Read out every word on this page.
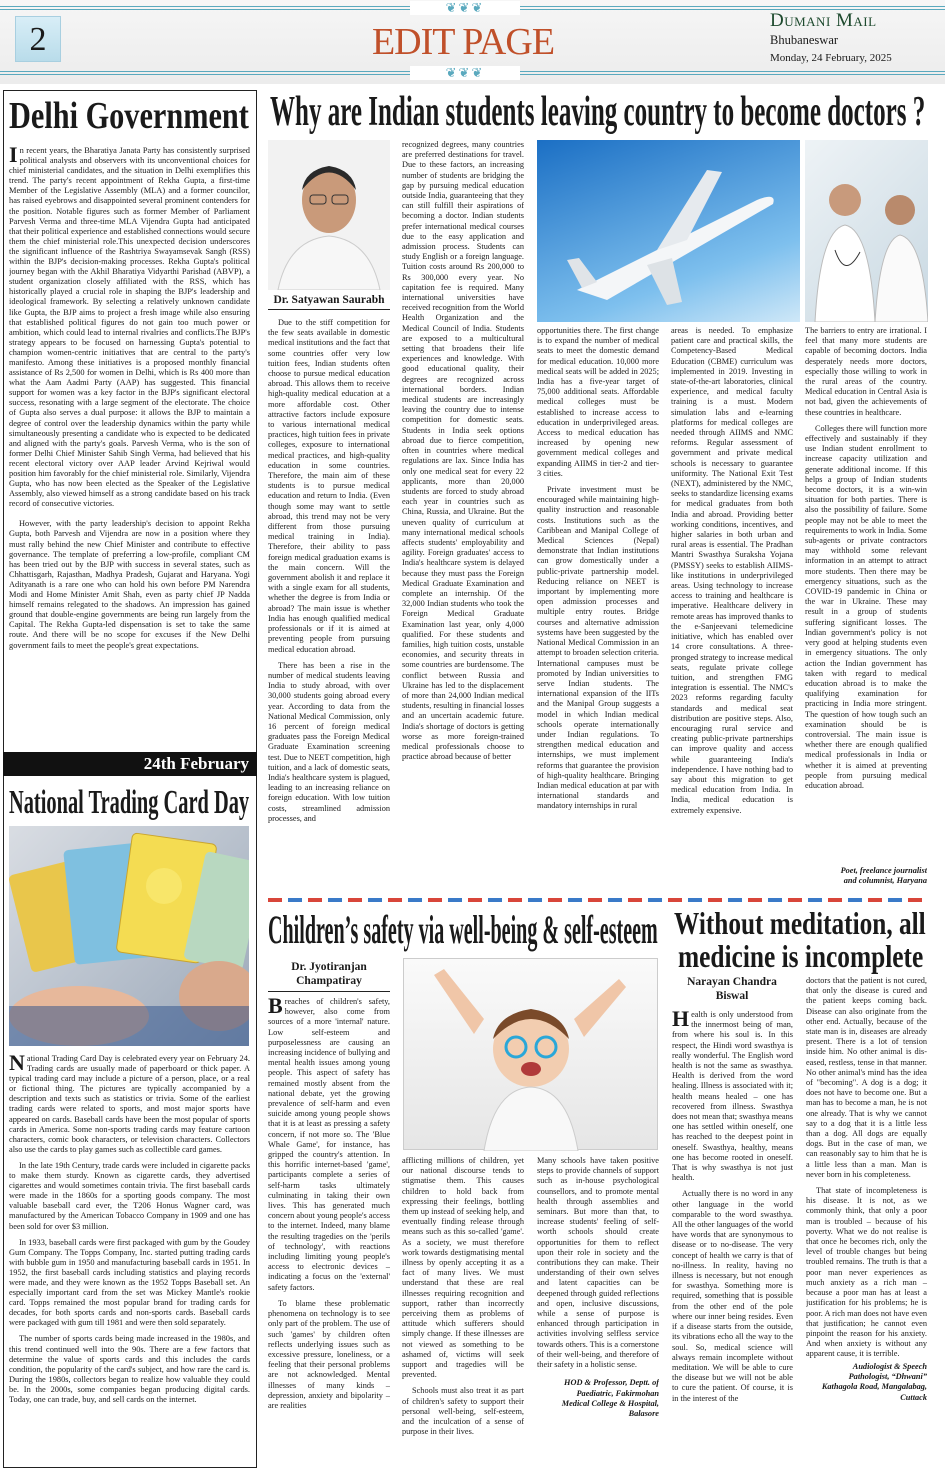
❦❦❦
❦❦❦
2	EDIT PAGE
Dumani Mail
Bhubaneswar
Monday, 24 February, 2025
Delhi Government

In recent years, the Bharatiya Janata Party has consistently surprised political analysts and observers with its unconventional choices for chief ministerial candidates, and the situation in Delhi exemplifies this trend. The party's recent appointment of Rekha Gupta, a first-time Member of the Legislative Assembly (MLA) and a former councilor, has raised eyebrows and disappointed several prominent contenders for the position. Notable figures such as former Member of Parliament Parvesh Verma and three-time MLA Vijendra Gupta had anticipated that their political experience and established connections would secure them the chief ministerial role.This unexpected decision underscores the significant influence of the Rashtriya Swayamsevak Sangh (RSS) within the BJP's decision-making processes. Rekha Gupta's political journey began with the Akhil Bharatiya Vidyarthi Parishad (ABVP), a student organization closely affiliated with the RSS, which has historically played a crucial role in shaping the BJP's leadership and ideological framework. By selecting a relatively unknown candidate like Gupta, the BJP aims to project a fresh image while also ensuring that established political figures do not gain too much power or ambition, which could lead to internal rivalries and conflicts.The BJP's strategy appears to be focused on harnessing Gupta's potential to champion women-centric initiatives that are central to the party's manifesto. Among these initiatives is a proposed monthly financial assistance of Rs 2,500 for women in Delhi, which is Rs 400 more than what the Aam Aadmi Party (AAP) has suggested. This financial support for women was a key factor in the BJP's significant electoral success, resonating with a large segment of the electorate. The choice of Gupta also serves a dual purpose: it allows the BJP to maintain a degree of control over the leadership dynamics within the party while simultaneously presenting a candidate who is expected to be dedicated and aligned with the party's goals. Parvesh Verma, who is the son of former Delhi Chief Minister Sahib Singh Verma, had believed that his recent electoral victory over AAP leader Arvind Kejriwal would position him favorably for the chief ministerial role. Similarly, Vijendra Gupta, who has now been elected as the Speaker of the Legislative Assembly, also viewed himself as a strong candidate based on his track record of consecutive victories.

However, with the party leadership's decision to appoint Rekha Gupta, both Parvesh and Vijendra are now in a position where they must rally behind the new Chief Minister and contribute to effective governance. The template of preferring a low-profile, compliant CM has been tried out by the BJP with success in several states, such as Chhattisgarh, Rajasthan, Madhya Pradesh, Gujarat and Haryana. Yogi Adityanath is a rare one who can hold his own before PM Narendra Modi and Home Minister Amit Shah, even as party chief JP Nadda himself remains relegated to the shadows. An impression has gained ground that double-engine governments are being run largely from the Capital. The Rekha Gupta-led dispensation is set to take the same route. And there will be no scope for excuses if the New Delhi government fails to meet the people's great expectations.

24th February
National Trading Card Day

National Trading Card Day is celebrated every year on February 24. Trading cards are usually made of paperboard or thick paper. A typical trading card may include a picture of a person, place, or a real or fictional thing. The pictures are typically accompanied by a description and texts such as statistics or trivia. Some of the earliest trading cards were related to sports, and most major sports have appeared on cards. Baseball cards have been the most popular of sports cards in America. Some non-sports trading cards may feature cartoon characters, comic book characters, or television characters. Collectors also use the cards to play games such as collectible card games.

In the late 19th Century, trade cards were included in cigarette packs to make them sturdy. Known as cigarette cards, they advertised cigarettes and would sometimes contain trivia. The first baseball cards were made in the 1860s for a sporting goods company. The most valuable baseball card ever, the T206 Honus Wagner card, was manufactured by the American Tobacco Company in 1909 and one has been sold for over $3 million.

In 1933, baseball cards were first packaged with gum by the Goudey Gum Company. The Topps Company, Inc. started putting trading cards with bubble gum in 1950 and manufacturing baseball cards in 1951. In 1952, the first baseball cards including statistics and playing records were made, and they were known as the 1952 Topps Baseball set. An especially important card from the set was Mickey Mantle's rookie card. Topps remained the most popular brand for trading cards for decades, for both sports cards and non-sports cards. Baseball cards were packaged with gum till 1981 and were then sold separately.

The number of sports cards being made increased in the 1980s, and this trend continued well into the 90s. There are a few factors that determine the value of sports cards and this includes the cards condition, the popularity of the card's subject, and how rare the card is. During the 1980s, collectors began to realize how valuable they could be. In the 2000s, some companies began producing digital cards. Today, one can trade, buy, and sell cards on the internet.

Why are Indian students leaving country to become doctors ?
Dr. Satyawan Saurabh

Due to the stiff competition for the few seats available in domestic medical institutions and the fact that some countries offer very low tuition fees, Indian students often choose to pursue medical education abroad. This allows them to receive high-quality medical education at a more affordable cost. Other attractive factors include exposure to various international medical practices, high tuition fees in private colleges, exposure to international medical practices, and high-quality education in some countries. Therefore, the main aim of these students is to pursue medical education and return to India. (Even though some may want to settle abroad, this trend may not be very different from those pursuing medical training in India). Therefore, their ability to pass foreign medical graduation exams is the main concern. Will the government abolish it and replace it with a single exam for all students, whether the degree is from India or abroad? The main issue is whether India has enough qualified medical professionals or if it is aimed at preventing people from pursuing medical education abroad.

There has been a rise in the number of medical students leaving India to study abroad, with over 30,000 students going abroad every year. According to data from the National Medical Commission, only 16 percent of foreign medical graduates pass the Foreign Medical Graduate Examination screening test. Due to NEET competition, high tuition, and a lack of domestic seats, India's healthcare system is plagued, leading to an increasing reliance on foreign education. With low tuition costs, streamlined admission processes, and

recognized degrees, many countries are preferred destinations for travel. Due to these factors, an increasing number of students are bridging the gap by pursuing medical education outside India, guaranteeing that they can still fulfill their aspirations of becoming a doctor. Indian students prefer international medical courses due to the easy application and admission process. Students can study English or a foreign language. Tuition costs around Rs 200,000 to Rs 300,000 every year. No capitation fee is required. Many international universities have received recognition from the World Health Organization and the Medical Council of India. Students are exposed to a multicultural setting that broadens their life experiences and knowledge. With good educational quality, their degrees are recognized across international borders. Indian medical students are increasingly leaving the country due to intense competition for domestic seats. Students in India seek options abroad due to fierce competition, often in countries where medical regulations are lax. Since India has only one medical seat for every 22 applicants, more than 20,000 students are forced to study abroad each year in countries such as China, Russia, and Ukraine. But the uneven quality of curriculum at many international medical schools affects students' employability and agility. Foreign graduates' access to India's healthcare system is delayed because they must pass the Foreign Medical Graduate Examination and complete an internship. Of the 32,000 Indian students who took the Foreign Medical Graduate Examination last year, only 4,000 qualified. For these students and families, high tuition costs, unstable economies, and security threats in some countries are burdensome. The conflict between Russia and Ukraine has led to the displacement of more than 24,000 Indian medical students, resulting in financial losses and an uncertain academic future. India's shortage of doctors is getting worse as more foreign-trained medical professionals choose to practice abroad because of better

opportunities there. The first change is to expand the number of medical seats to meet the domestic demand for medical education. 10,000 more medical seats will be added in 2025; India has a five-year target of 75,000 additional seats. Affordable medical colleges must be established to increase access to education in underprivileged areas. Access to medical education has increased by opening new government medical colleges and expanding AIIMS in tier-2 and tier-3 cities.

Private investment must be encouraged while maintaining high-quality instruction and reasonable costs. Institutions such as the Caribbean and Manipal College of Medical Sciences (Nepal) demonstrate that Indian institutions can grow domestically under a public-private partnership model. Reducing reliance on NEET is important by implementing more open admission processes and multiple entry routes. Bridge courses and alternative admission systems have been suggested by the National Medical Commission in an attempt to broaden selection criteria. International campuses must be promoted by Indian universities to serve Indian students. The international expansion of the IITs and the Manipal Group suggests a model in which Indian medical schools operate internationally under Indian regulations. To strengthen medical education and internships, we must implement reforms that guarantee the provision of high-quality healthcare. Bringing Indian medical education at par with international standards and mandatory internships in rural

areas is needed. To emphasize patient care and practical skills, the Competency-Based Medical Education (CBME) curriculum was implemented in 2019. Investing in state-of-the-art laboratories, clinical experience, and medical faculty training is a must. Modern simulation labs and e-learning platforms for medical colleges are needed through AIIMS and NMC reforms. Regular assessment of government and private medical schools is necessary to guarantee uniformity. The National Exit Test (NEXT), administered by the NMC, seeks to standardize licensing exams for medical graduates from both India and abroad. Providing better working conditions, incentives, and higher salaries in both urban and rural areas is essential. The Pradhan Mantri Swasthya Suraksha Yojana (PMSSY) seeks to establish AIIMS-like institutions in underprivileged areas. Using technology to increase access to training and healthcare is imperative. Healthcare delivery in remote areas has improved thanks to the e-Sanjeevani telemedicine initiative, which has enabled over 14 crore consultations. A three-pronged strategy to increase medical seats, regulate private college tuition, and strengthen FMG integration is essential. The NMC's 2023 reforms regarding faculty standards and medical seat distribution are positive steps. Also, encouraging rural service and creating public-private partnerships can improve quality and access while guaranteeing India's independence. I have nothing bad to say about this migration to get medical education from India. In India, medical education is extremely expensive.

The barriers to entry are irrational. I feel that many more students are capable of becoming doctors. India desperately needs more doctors, especially those willing to work in the rural areas of the country. Medical education in Central Asia is not bad, given the achievements of these countries in healthcare.

Colleges there will function more effectively and sustainably if they use Indian student enrollment to increase capacity utilization and generate additional income. If this helps a group of Indian students become doctors, it is a win-win situation for both parties. There is also the possibility of failure. Some people may not be able to meet the requirements to work in India. Some sub-agents or private contractors may withhold some relevant information in an attempt to attract more students. Then there may be emergency situations, such as the COVID-19 pandemic in China or the war in Ukraine. These may result in a group of students suffering significant losses. The Indian government's policy is not very good at helping students even in emergency situations. The only action the Indian government has taken with regard to medical education abroad is to make the qualifying examination for practicing in India more stringent. The question of how tough such an examination should be is controversial. The main issue is whether there are enough qualified medical professionals in India or whether it is aimed at preventing people from pursuing medical education abroad.

Poet, freelance journalist
and columnist, Haryana
Children’s safety via well-being & self-esteem
Dr. Jyotiranjan
Champatiray

Breaches of children's safety, however, also come from sources of a more 'internal' nature. Low self-esteem and purposelessness are causing an increasing incidence of bullying and mental health issues among young people. This aspect of safety has remained mostly absent from the national debate, yet the growing prevalence of self-harm and even suicide among young people shows that it is at least as pressing a safety concern, if not more so. The 'Blue Whale Game', for instance, has gripped the country's attention. In this horrific internet-based 'game', participants complete a series of self-harm tasks ultimately culminating in taking their own lives. This has generated much concern about young people's access to the internet. Indeed, many blame the resulting tragedies on the 'perils of technology', with reactions including limiting young people's access to electronic devices – indicating a focus on the 'external' safety factors.

To blame these problematic phenomena on technology is to see only part of the problem. The use of such 'games' by children often reflects underlying issues such as excessive pressure, loneliness, or a feeling that their personal problems are not acknowledged. Mental illnesses of many kinds – depression, anxiety and bipolarity – are realities

afflicting millions of children, yet our national discourse tends to stigmatise them. This causes children to hold back from expressing their feelings, bottling them up instead of seeking help, and eventually finding release through means such as this so-called 'game'. As a society, we must therefore work towards destigmatising mental illness by openly accepting it as a fact of many lives. We must understand that these are real illnesses requiring recognition and support, rather than incorrectly perceiving them as problems of attitude which sufferers should simply change. If these illnesses are not viewed as something to be ashamed of, victims will seek support and tragedies will be prevented.

Schools must also treat it as part of children's safety to support their personal well-being, self-esteem, and the inculcation of a sense of purpose in their lives.

Many schools have taken positive steps to provide channels of support such as in-house psychological counsellors, and to promote mental health through assemblies and seminars. But more than that, to increase students' feeling of self-worth schools should create opportunities for them to reflect upon their role in society and the contributions they can make. Their understanding of their own selves and latent capacities can be deepened through guided reflections and open, inclusive discussions, while a sense of purpose is enhanced through participation in activities involving selfless service towards others. This is a cornerstone of their well-being, and therefore of their safety in a holistic sense.

HOD & Professor, Deptt. of
Paediatric, Fakirmohan
Medical College & Hospital,
Balasore
Without meditation, all
medicine is incomplete
Narayan Chandra
Biswal

Health is only understood from the innermost being of man, from where his soul is. In this respect, the Hindi word swasthya is really wonderful. The English word health is not the same as swasthya. Health is derived from the word healing. Illness is associated with it; health means healed – one has recovered from illness. Swasthya does not mean that; swasthya means one has settled within oneself, one has reached to the deepest point in oneself. Swasthya, healthy, means one has become rooted in oneself. That is why swasthya is not just health.

Actually there is no word in any other language in the world comparable to the word swasthya. All the other languages of the world have words that are synonymous to disease or to no-disease. The very concept of health we carry is that of no-illness. In reality, having no illness is necessary, but not enough for swasthya. Something more is required, something that is possible from the other end of the pole where our inner being resides. Even if a disease starts from the outside, its vibrations echo all the way to the soul. So, medical science will always remain incomplete without meditation. We will be able to cure the disease but we will not be able to cure the patient. Of course, it is in the interest of the

doctors that the patient is not cured, that only the disease is cured and the patient keeps coming back. Disease can also originate from the other end. Actually, because of the state man is in, diseases are already present. There is a lot of tension inside him. No other animal is dis-eased, restless, tense in that manner. No other animal's mind has the idea of "becoming". A dog is a dog; it does not have to become one. But a man has to become a man, he is not one already. That is why we cannot say to a dog that it is a little less than a dog. All dogs are equally dogs. But in the case of man, we can reasonably say to him that he is a little less than a man. Man is never born in his completeness.

That state of incompleteness is his disease. It is not, as we commonly think, that only a poor man is troubled – because of his poverty. What we do not realise is that once he becomes rich, only the level of trouble changes but being troubled remains. The truth is that a poor man never experiences as much anxiety as a rich man – because a poor man has at least a justification for his problems; he is poor. A rich man does not have even that justification; he cannot even pinpoint the reason for his anxiety. And when anxiety is without any apparent cause, it is terrible.

Audiologist & Speech
Pathologist, “Dhwani”
Kathagola Road, Mangalabag,
Cuttack
